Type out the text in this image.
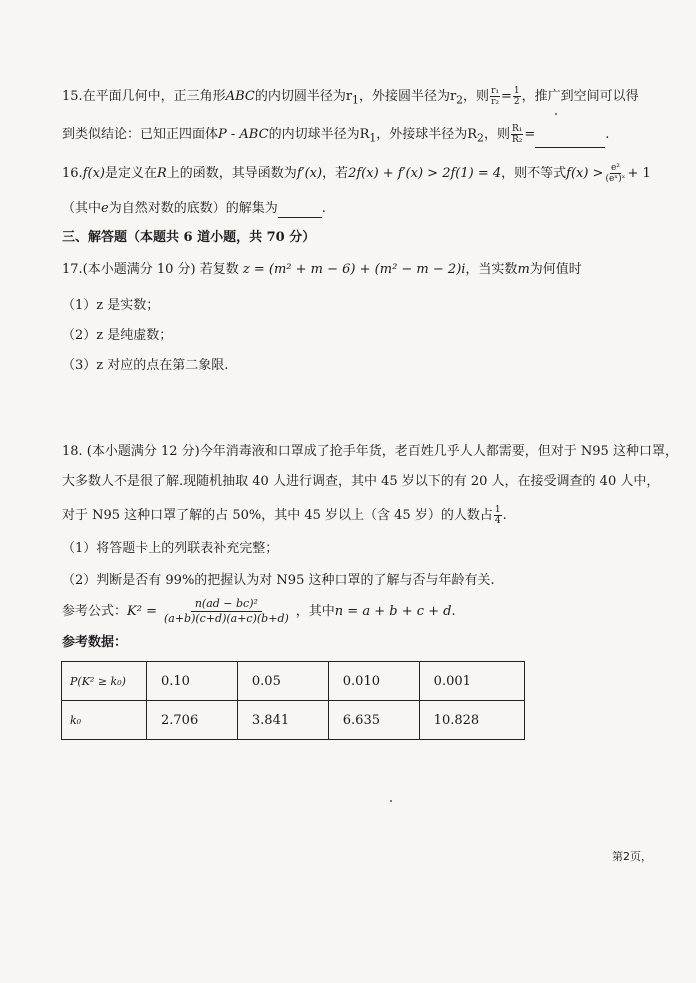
15.在平面几何中，正三角形ABC的内切圆半径为$r_1$，外接圆半径为$r_2$，则 $\frac{\text{r₁}}{\text{r₂}} = \frac{1}{2}$ ，推广到空间可以得
到类似结论：已知正四面体P - ABC的内切球半径为$R_1$，外接球半径为$R_2$，则 $\frac{\text{R₁}}{\text{R₂}}$ =	.
16.f(x)是定义在R上的函数，其导函数为f′(x)，若2f(x) + f′(x) > 2f(1) = 4，则不等式$f(x) > \frac{\text{e²}}{\text{(eˣ)ˣ}} + 1$
（其中e为自然对数的底数）的解集为	.
三、解答题（本题共 6 道小题，共 70 分）
17.(本小题满分 10 分) 若复数 z = (m² + m − 6) + (m² − m − 2)i，当实数m为何值时
（1）z 是实数；
（2）z 是纯虚数；
（3）z 对应的点在第二象限.
18. (本小题满分 12 分)今年消毒液和口罩成了抢手年货，老百姓几乎人人都需要，但对于 N95 这种口罩，
大多数人不是很了解.现随机抽取 40 人进行调查，其中 45 岁以下的有 20 人，在接受调查的 40 人中，
对于 N95 这种口罩了解的占 50%，其中 45 岁以上（含 45 岁）的人数占 $\frac{1}{4}$ .
（1）将答题卡上的列联表补充完整；
（2）判断是否有 99%的把握认为对 N95 这种口罩的了解与否与年龄有关.
参考公式：$K^2 = \frac{\text{n(ad − bc)²}}{(a+b)(c+d)(a+c)(b+d)}$ ，其中n = a + b + c + d.
参考数据：
P(K² ≥ k₀)	0.10	0.05	0.010	0.001
k₀	2.706	3.841	6.635	10.828
第2页，
